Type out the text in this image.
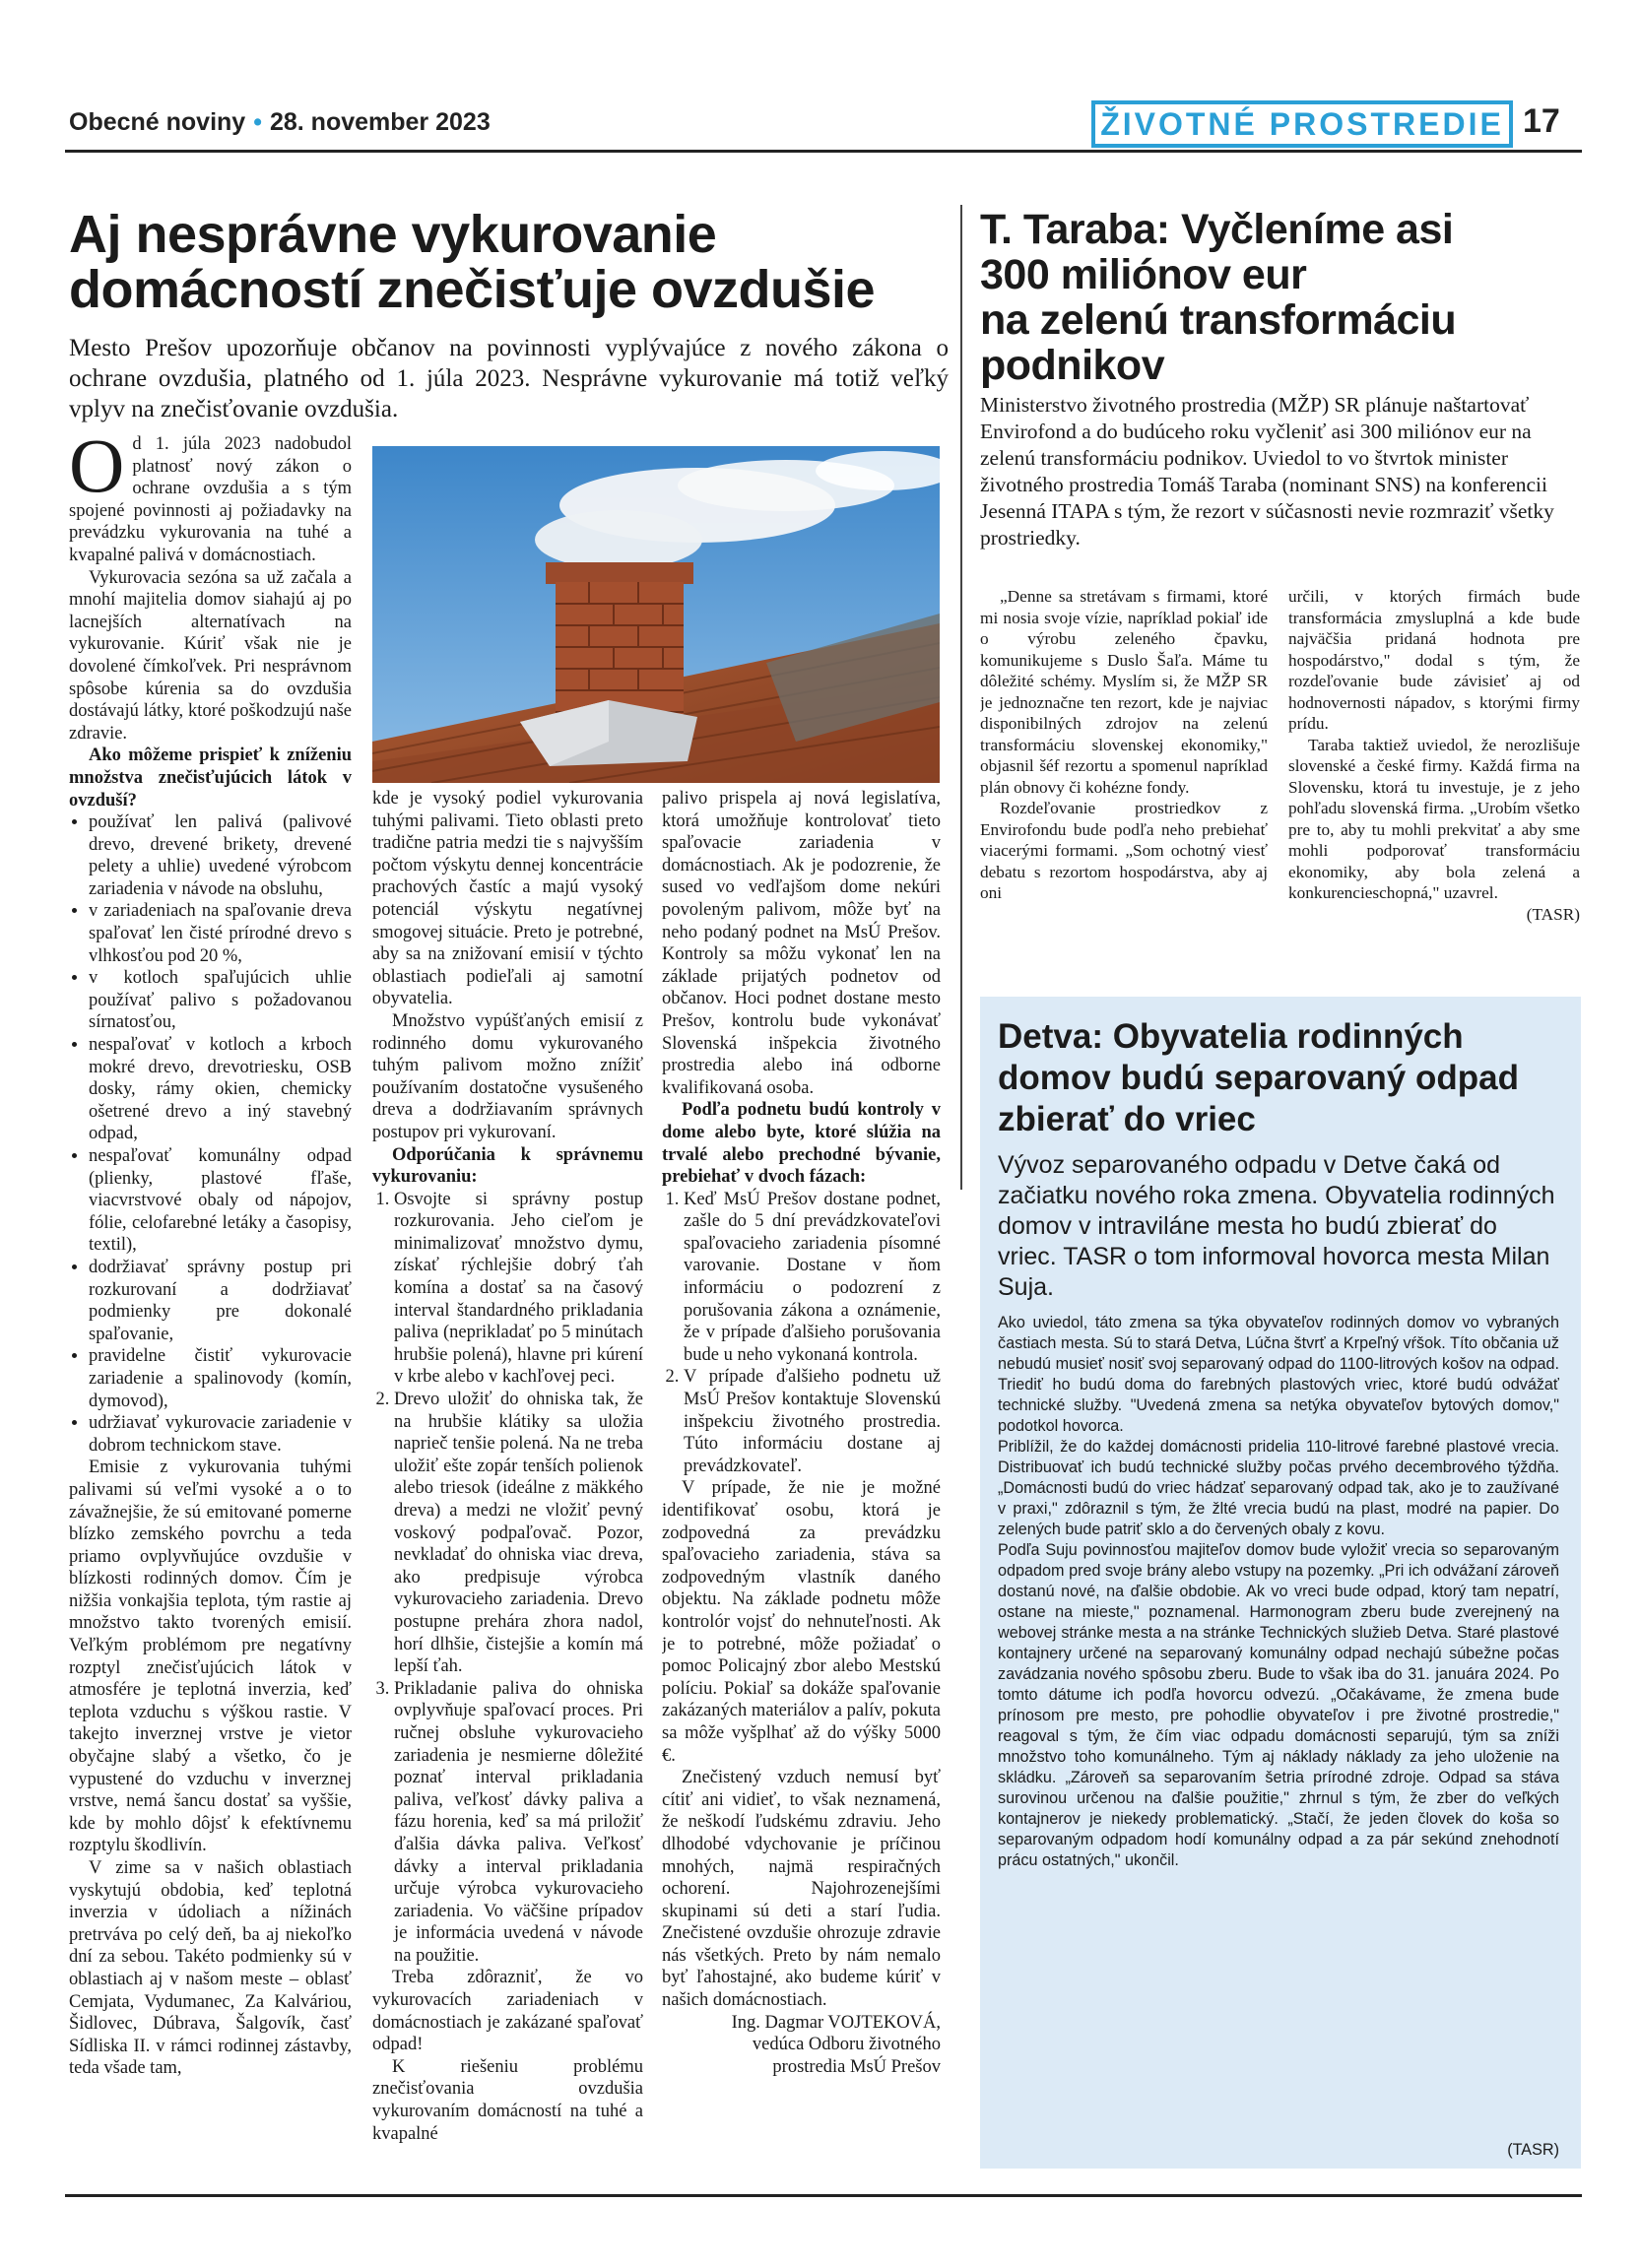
Obecné noviny • 28. november 2023	ŽIVOTNÉ PROSTREDIE 17
Aj nesprávne vykurovanie
domácností znečisťuje ovzdušie
Mesto Prešov upozorňuje občanov na povinnosti vyplývajúce z nového zákona o ochrane ovzdušia, platného od 1. júla 2023. Nesprávne vykurovanie má totiž veľký vplyv na znečisťovanie ovzdušia.

Od 1. júla 2023 nadobudol platnosť nový zákon o ochrane ovzdušia a s tým spojené povinnosti aj požiadavky na prevádzku vykurovania na tuhé a kvapalné palivá v domácnostiach.

Vykurovacia sezóna sa už začala a mnohí majitelia domov siahajú aj po lacnejších alternatívach na vykurovanie. Kúriť však nie je dovolené čímkoľvek. Pri nesprávnom spôsobe kúrenia sa do ovzdušia dostávajú látky, ktoré poškodzujú naše zdravie.

Ako môžeme prispieť k zníženiu množstva znečisťujúcich látok v ovzduší?

• používať len palivá (palivové drevo, drevené brikety, drevené pelety a uhlie) uvedené výrobcom zariadenia v návode na obsluhu,
• v zariadeniach na spaľovanie dreva spaľovať len čisté prírodné drevo s vlhkosťou pod 20 %,
• v kotloch spaľujúcich uhlie používať palivo s požadovanou sírnatosťou,
• nespaľovať v kotloch a krboch mokré drevo, drevotriesku, OSB dosky, rámy okien, chemicky ošetrené drevo a iný stavebný odpad,
• nespaľovať komunálny odpad (plienky, plastové fľaše, viacvrstvové obaly od nápojov, fólie, celofarebné letáky a časopisy, textil),
• dodržiavať správny postup pri rozkurovaní a dodržiavať podmienky pre dokonalé spaľovanie,
• pravidelne čistiť vykurovacie zariadenie a spalinovody (komín, dymovod),
• udržiavať vykurovacie zariadenie v dobrom technickom stave.

Emisie z vykurovania tuhými palivami sú veľmi vysoké a o to závažnejšie, že sú emitované pomerne blízko zemského povrchu a teda priamo ovplyvňujúce ovzdušie v blízkosti rodinných domov. Čím je nižšia vonkajšia teplota, tým rastie aj množstvo takto tvorených emisií. Veľkým problémom pre negatívny rozptyl znečisťujúcich látok v atmosfére je teplotná inverzia, keď teplota vzduchu s výškou rastie. V takejto inverznej vrstve je vietor obyčajne slabý a všetko, čo je vypustené do vzduchu v inverznej vrstve, nemá šancu dostať sa vyššie, kde by mohlo dôjsť k efektívnemu rozptylu škodlivín.

V zime sa v našich oblastiach vyskytujú obdobia, keď teplotná inverzia v údoliach a nížinách pretrváva po celý deň, ba aj niekoľko dní za sebou. Takéto podmienky sú v oblastiach aj v našom meste – oblasť Cemjata, Vydumanec, Za Kalváriou, Šidlovec, Dúbrava, Šalgovík, časť Sídliska II. v rámci rodinnej zástavby, teda všade tam,

kde je vysoký podiel vykurovania tuhými palivami. Tieto oblasti preto tradične patria medzi tie s najvyšším počtom výskytu dennej koncentrácie prachových častíc a majú vysoký potenciál výskytu negatívnej smogovej situácie. Preto je potrebné, aby sa na znižovaní emisií v týchto oblastiach podieľali aj samotní obyvatelia.

Množstvo vypúšťaných emisií z rodinného domu vykurovaného tuhým palivom možno znížiť používaním dostatočne vysušeného dreva a dodržiavaním správnych postupov pri vykurovaní.

Odporúčania k správnemu vykurovaniu:

1. Osvojte si správny postup rozkurovania. Jeho cieľom je minimalizovať množstvo dymu, získať rýchlejšie dobrý ťah komína a dostať sa na časový interval štandardného prikladania paliva (neprikladať po 5 minútach hrubšie polená), hlavne pri kúrení v krbe alebo v kachľovej peci.
2. Drevo uložiť do ohniska tak, že na hrubšie klátiky sa uložia naprieč tenšie polená. Na ne treba uložiť ešte zopár tenších polienok alebo triesok (ideálne z mäkkého dreva) a medzi ne vložiť pevný voskový podpaľovač. Pozor, nevkladať do ohniska viac dreva, ako predpisuje výrobca vykurovacieho zariadenia. Drevo postupne prehára zhora nadol, horí dlhšie, čistejšie a komín má lepší ťah.
3. Prikladanie paliva do ohniska ovplyvňuje spaľovací proces. Pri ručnej obsluhe vykurovacieho zariadenia je nesmierne dôležité poznať interval prikladania paliva, veľkosť dávky paliva a fázu horenia, keď sa má priložiť ďalšia dávka paliva. Veľkosť dávky a interval prikladania určuje výrobca vykurovacieho zariadenia. Vo väčšine prípadov je informácia uvedená v návode na použitie.

Treba zdôrazniť, že vo vykurovacích zariadeniach v domácnostiach je zakázané spaľovať odpad!

K riešeniu problému znečisťovania ovzdušia vykurovaním domácností na tuhé a kvapalné

palivo prispela aj nová legislatíva, ktorá umožňuje kontrolovať tieto spaľovacie zariadenia v domácnostiach. Ak je podozrenie, že sused vo vedľajšom dome nekúri povoleným palivom, môže byť na neho podaný podnet na MsÚ Prešov. Kontroly sa môžu vykonať len na základe prijatých podnetov od občanov. Hoci podnet dostane mesto Prešov, kontrolu bude vykonávať Slovenská inšpekcia životného prostredia alebo iná odborne kvalifikovaná osoba.

Podľa podnetu budú kontroly v dome alebo byte, ktoré slúžia na trvalé alebo prechodné bývanie, prebiehať v dvoch fázach:

1. Keď MsÚ Prešov dostane podnet, zašle do 5 dní prevádzkovateľovi spaľovacieho zariadenia písomné varovanie. Dostane v ňom informáciu o podozrení z porušovania zákona a oznámenie, že v prípade ďalšieho porušovania bude u neho vykonaná kontrola.
2. V prípade ďalšieho podnetu už MsÚ Prešov kontaktuje Slovenskú inšpekciu životného prostredia. Túto informáciu dostane aj prevádzkovateľ.

V prípade, že nie je možné identifikovať osobu, ktorá je zodpovedná za prevádzku spaľovacieho zariadenia, stáva sa zodpovedným vlastník daného objektu. Na základe podnetu môže kontrolór vojsť do nehnuteľnosti. Ak je to potrebné, môže požiadať o pomoc Policajný zbor alebo Mestskú políciu. Pokiaľ sa dokáže spaľovanie zakázaných materiálov a palív, pokuta sa môže vyšplhať až do výšky 5000 €.

Znečistený vzduch nemusí byť cítiť ani vidieť, to však neznamená, že neškodí ľudskému zdraviu. Jeho dlhodobé vdychovanie je príčinou mnohých, najmä respiračných ochorení. Najohrozenejšími skupinami sú deti a starí ľudia. Znečistené ovzdušie ohrozuje zdravie nás všetkých. Preto by nám nemalo byť ľahostajné, ako budeme kúriť v našich domácnostiach.

Ing. Dagmar VOJTEKOVÁ,
vedúca Odboru životného
prostredia MsÚ Prešov

T. Taraba: Vyčleníme asi
300 miliónov eur
na zelenú transformáciu
podnikov
Ministerstvo životného prostredia (MŽP) SR plánuje naštartovať Envirofond a do budúceho roku vyčleniť asi 300 miliónov eur na zelenú transformáciu podnikov. Uviedol to vo štvrtok minister životného prostredia Tomáš Taraba (nominant SNS) na konferencii Jesenná ITAPA s tým, že rezort v súčasnosti nevie rozmraziť všetky prostriedky.

„Denne sa stretávam s firmami, ktoré mi nosia svoje vízie, napríklad pokiaľ ide o výrobu zeleného čpavku, komunikujeme s Duslo Šaľa. Máme tu dôležité schémy. Myslím si, že MŽP SR je jednoznačne ten rezort, kde je najviac disponibilných zdrojov na zelenú transformáciu slovenskej ekonomiky," objasnil šéf rezortu a spomenul napríklad plán obnovy či kohézne fondy.

Rozdeľovanie prostriedkov z Envirofondu bude podľa neho prebiehať viacerými formami. „Som ochotný viesť debatu s rezortom hospodárstva, aby aj oni

určili, v ktorých firmách bude transformácia zmysluplná a kde bude najväčšia pridaná hodnota pre hospodárstvo," dodal s tým, že rozdeľovanie bude závisieť aj od hodnovernosti nápadov, s ktorými firmy prídu.

Taraba taktiež uviedol, že nerozlišuje slovenské a české firmy. Každá firma na Slovensku, ktorá tu investuje, je z jeho pohľadu slovenská firma. „Urobím všetko pre to, aby tu mohli prekvitať a aby sme mohli podporovať transformáciu ekonomiky, aby bola zelená a konkurencieschopná," uzavrel.

(TASR)

Detva: Obyvatelia rodinných
domov budú separovaný odpad
zbierať do vriec
Vývoz separovaného odpadu v Detve čaká od začiatku nového roka zmena. Obyvatelia rodinných domov v intraviláne mesta ho budú zbierať do vriec. TASR o tom informoval hovorca mesta Milan Suja.

Ako uviedol, táto zmena sa týka obyvateľov rodinných domov vo vybraných častiach mesta. Sú to stará Detva, Lúčna štvrť a Krpeľný vŕšok. Títo občania už nebudú musieť nosiť svoj separovaný odpad do 1100-litrových košov na odpad. Triediť ho budú doma do farebných plastových vriec, ktoré budú odvážať technické služby. "Uvedená zmena sa netýka obyvateľov bytových domov," podotkol hovorca.

Priblížil, že do každej domácnosti pridelia 110-litrové farebné plastové vrecia. Distribuovať ich budú technické služby počas prvého decembrového týždňa.„Domácnosti budú do vriec hádzať separovaný odpad tak, ako je to zaužívané v praxi," zdôraznil s tým, že žlté vrecia budú na plast, modré na papier. Do zelených bude patriť sklo a do červených obaly z kovu.

Podľa Suju povinnosťou majiteľov domov bude vyložiť vrecia so separovaným odpadom pred svoje brány alebo vstupy na pozemky. „Pri ich odvážaní zároveň dostanú nové, na ďalšie obdobie. Ak vo vreci bude odpad, ktorý tam nepatrí, ostane na mieste," poznamenal. Harmonogram zberu bude zverejnený na webovej stránke mesta a na stránke Technických služieb Detva. Staré plastové kontajnery určené na separovaný komunálny odpad nechajú súbežne počas zavádzania nového spôsobu zberu. Bude to však iba do 31. januára 2024. Po tomto dátume ich podľa hovorcu odvezú. „Očakávame, že zmena bude prínosom pre mesto, pre pohodlie obyvateľov i pre životné prostredie," reagoval s tým, že čím viac odpadu domácnosti separujú, tým sa zníži množstvo toho komunálneho. Tým aj náklady náklady za jeho uloženie na skládku. „Zároveň sa separovaním šetria prírodné zdroje. Odpad sa stáva surovinou určenou na ďalšie použitie," zhrnul s tým, že zber do veľkých kontajnerov je niekedy problematický. „Stačí, že jeden človek do koša so separovaným odpadom hodí komunálny odpad a za pár sekúnd znehodnotí prácu ostatných," ukončil.

(TASR)
